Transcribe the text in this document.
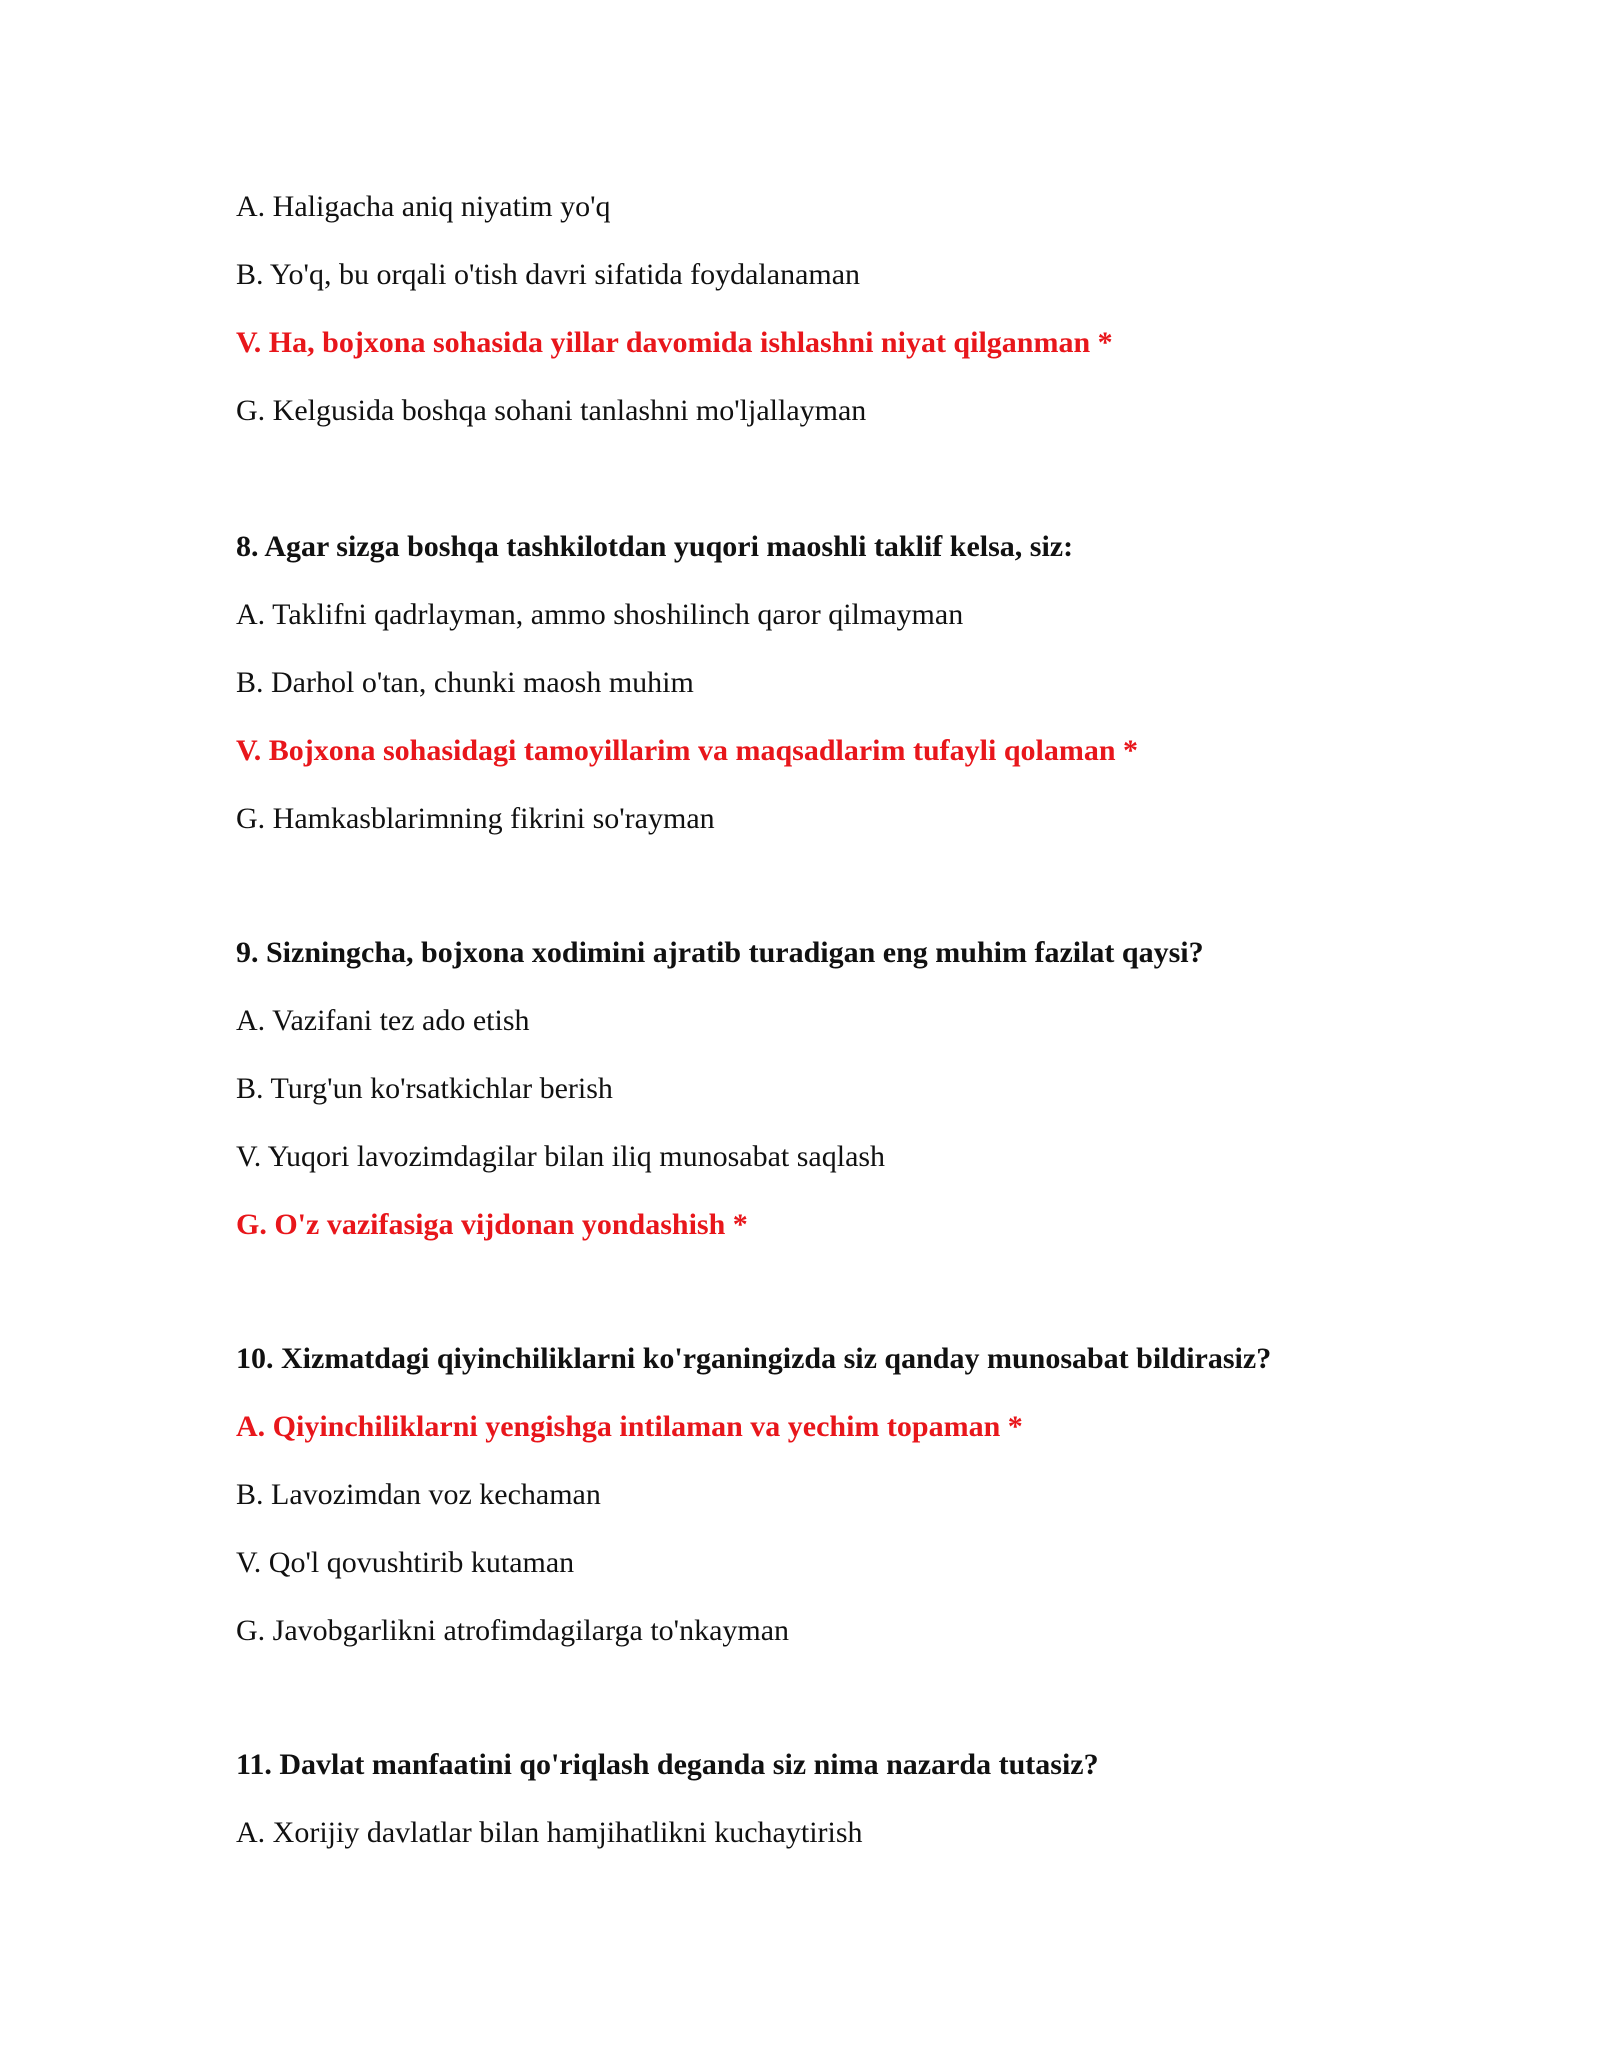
A. Haligacha aniq niyatim yo'q
B. Yo'q, bu orqali o'tish davri sifatida foydalanaman
V. Ha, bojxona sohasida yillar davomida ishlashni niyat qilganman *
G. Kelgusida boshqa sohani tanlashni mo'ljallayman
8. Agar sizga boshqa tashkilotdan yuqori maoshli taklif kelsa, siz:
A. Taklifni qadrlayman, ammo shoshilinch qaror qilmayman
B. Darhol o'tan, chunki maosh muhim
V. Bojxona sohasidagi tamoyillarim va maqsadlarim tufayli qolaman *
G. Hamkasblarimning fikrini so'rayman
9. Sizningcha, bojxona xodimini ajratib turadigan eng muhim fazilat qaysi?
A. Vazifani tez ado etish
B. Turg'un ko'rsatkichlar berish
V. Yuqori lavozimdagilar bilan iliq munosabat saqlash
G. O'z vazifasiga vijdonan yondashish *
10. Xizmatdagi qiyinchiliklarni ko'rganingizda siz qanday munosabat bildirasiz?
A. Qiyinchiliklarni yengishga intilaman va yechim topaman *
B. Lavozimdan voz kechaman
V. Qo'l qovushtirib kutaman
G. Javobgarlikni atrofimdagilarga to'nkayman
11. Davlat manfaatini qo'riqlash deganda siz nima nazarda tutasiz?
A. Xorijiy davlatlar bilan hamjihatlikni kuchaytirish
